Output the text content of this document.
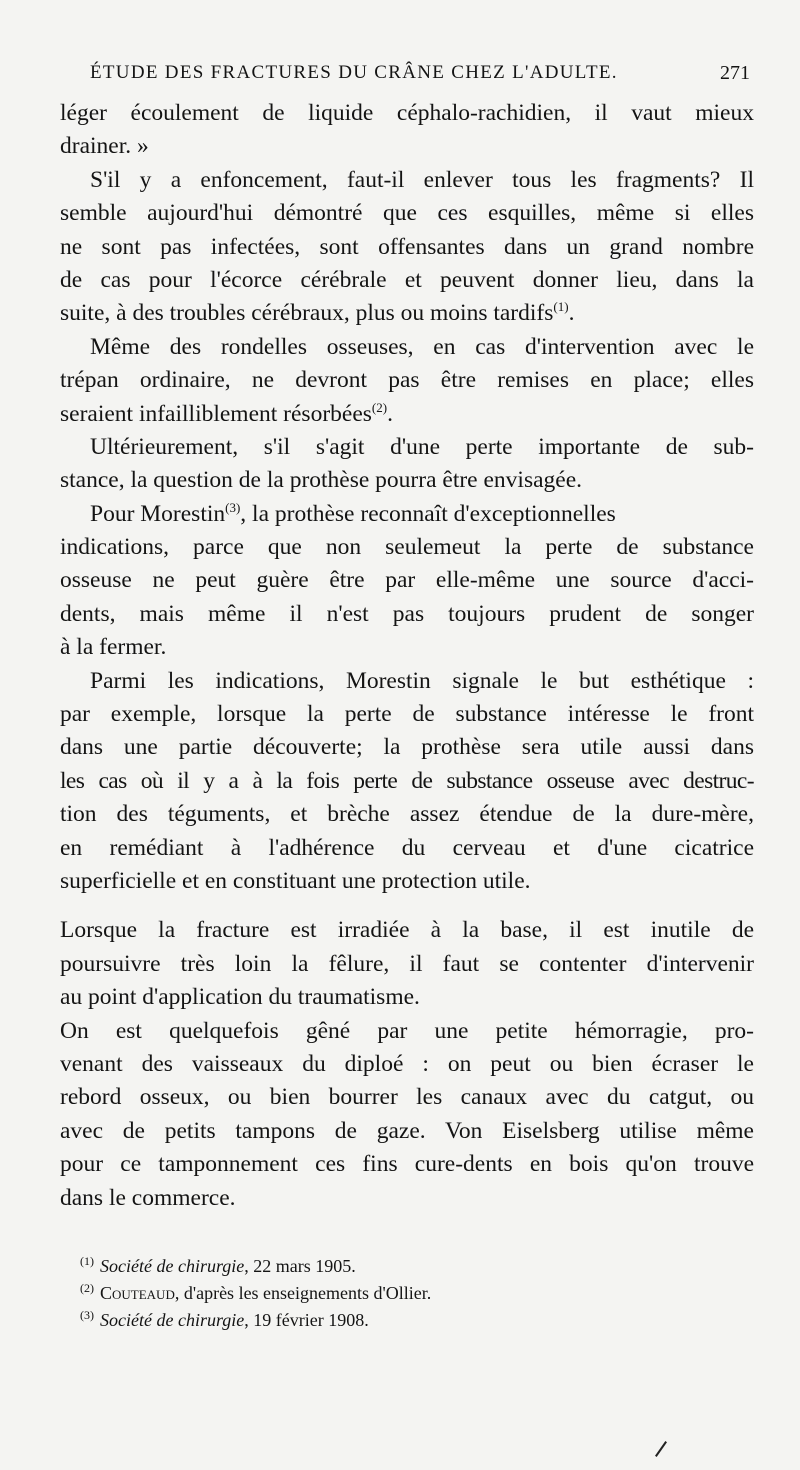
ÉTUDE DES FRACTURES DU CRÂNE CHEZ L'ADULTE.	271
léger écoulement de liquide céphalo-rachidien, il vaut mieux
drainer. »
S'il y a enfoncement, faut-il enlever tous les fragments? Il
semble aujourd'hui démontré que ces esquilles, même si elles
ne sont pas infectées, sont offensantes dans un grand nombre
de cas pour l'écorce cérébrale et peuvent donner lieu, dans la
suite, à des troubles cérébraux, plus ou moins tardifs$^{(1)}$.
Même des rondelles osseuses, en cas d'intervention avec le
trépan ordinaire, ne devront pas être remises en place; elles
seraient infailliblement résorbées$^{(2)}$.
Ultérieurement, s'il s'agit d'une perte importante de sub-
stance, la question de la prothèse pourra être envisagée.
Pour Morestin$^{(3)}$, la prothèse reconnaît d'exceptionnelles
indications, parce que non seulemeut la perte de substance
osseuse ne peut guère être par elle-même une source d'acci-
dents, mais même il n'est pas toujours prudent de songer
à la fermer.
Parmi les indications, Morestin signale le but esthétique :
par exemple, lorsque la perte de substance intéresse le front
dans une partie découverte; la prothèse sera utile aussi dans
les cas où il y a à la fois perte de substance osseuse avec destruc-
tion des téguments, et brèche assez étendue de la dure-mère,
en remédiant à l'adhérence du cerveau et d'une cicatrice
superficielle et en constituant une protection utile.
Lorsque la fracture est irradiée à la base, il est inutile de
poursuivre très loin la fêlure, il faut se contenter d'intervenir
au point d'application du traumatisme.
On est quelquefois gêné par une petite hémorragie, pro-
venant des vaisseaux du diploé : on peut ou bien écraser le
rebord osseux, ou bien bourrer les canaux avec du catgut, ou
avec de petits tampons de gaze. Von Eiselsberg utilise même
pour ce tamponnement ces fins cure-dents en bois qu'on trouve
dans le commerce.
$^{(1)}$ Société de chirurgie, 22 mars 1905.
$^{(2)}$ Couteaud, d'après les enseignements d'Ollier.
$^{(3)}$ Société de chirurgie, 19 février 1908.
